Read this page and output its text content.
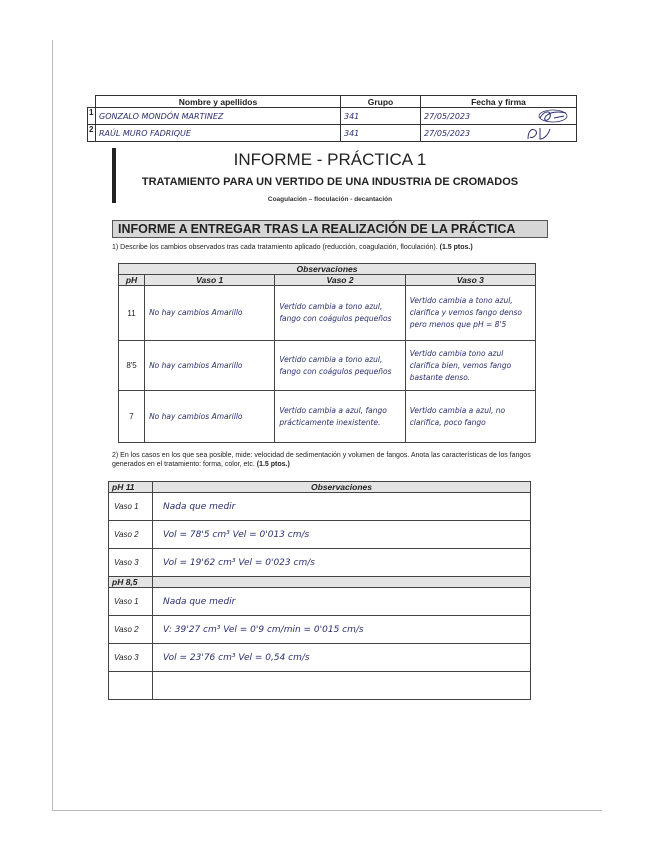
	Nombre y apellidos	Grupo	Fecha y firma
1	GONZALO MONDÓN MARTINEZ	341	27/05/2023

2	RAÚL MURO FADRIQUE	341	27/05/2023
INFORME - PRÁCTICA 1
TRATAMIENTO PARA UN VERTIDO DE UNA INDUSTRIA DE CROMADOS
Coagulación – floculación - decantación
INFORME A ENTREGAR TRAS LA REALIZACIÓN DE LA PRÁCTICA
1) Describe los cambios observados tras cada tratamiento aplicado (reducción, coagulación, floculación). (1.5 ptos.)
Observaciones			
pH	Vaso 1	Vaso 2	Vaso 3
11	No hay cambios Amarillo	Vertido cambia a tono azul, fango con coágulos pequeños	Vertido cambia a tono azul, clarifica y vemos fango denso pero menos que pH = 8'5
8'5	No hay cambios Amarillo	Vertido cambia a tono azul, fango con coágulos pequeños	Vertido cambia tono azul clarifica bien, vemos fango bastante denso.
7	No hay cambios Amarillo	Vertido cambia a azul, fango prácticamente inexistente.	Vertido cambia a azul, no clarifica, poco fango
2) En los casos en los que sea posible, mide: velocidad de sedimentación y volumen de fangos. Anota las características de los fangos generados en el tratamiento: forma, color, etc. (1.5 ptos.)
pH 11	Observaciones
Vaso 1	Nada que medir
Vaso 2	Vol = 78'5 cm³ Vel = 0'013 cm/s
Vaso 3	Vol = 19'62 cm³ Vel = 0'023 cm/s
pH 8,5	
Vaso 1	Nada que medir
Vaso 2	V: 39'27 cm³ Vel = 0'9 cm/min = 0'015 cm/s
Vaso 3	Vol = 23'76 cm³ Vel = 0,54 cm/s
